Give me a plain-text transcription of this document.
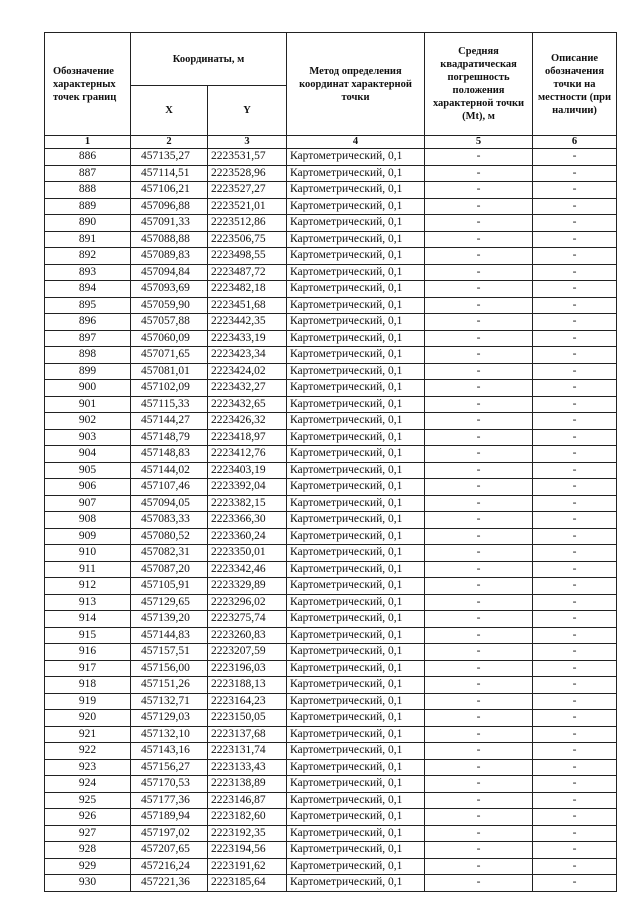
Обозначение характерных точек границ	Координаты, м		Метод определения координат характерной точки	Средняя квадратическая погрешность положения характерной точки (Mt), м	Описание обозначения точки на местности (при наличии)
	X	Y			
1	2	3	4	5	6
886	457135,27	2223531,57	Картометрический, 0,1	-	-
887	457114,51	2223528,96	Картометрический, 0,1	-	-
888	457106,21	2223527,27	Картометрический, 0,1	-	-
889	457096,88	2223521,01	Картометрический, 0,1	-	-
890	457091,33	2223512,86	Картометрический, 0,1	-	-
891	457088,88	2223506,75	Картометрический, 0,1	-	-
892	457089,83	2223498,55	Картометрический, 0,1	-	-
893	457094,84	2223487,72	Картометрический, 0,1	-	-
894	457093,69	2223482,18	Картометрический, 0,1	-	-
895	457059,90	2223451,68	Картометрический, 0,1	-	-
896	457057,88	2223442,35	Картометрический, 0,1	-	-
897	457060,09	2223433,19	Картометрический, 0,1	-	-
898	457071,65	2223423,34	Картометрический, 0,1	-	-
899	457081,01	2223424,02	Картометрический, 0,1	-	-
900	457102,09	2223432,27	Картометрический, 0,1	-	-
901	457115,33	2223432,65	Картометрический, 0,1	-	-
902	457144,27	2223426,32	Картометрический, 0,1	-	-
903	457148,79	2223418,97	Картометрический, 0,1	-	-
904	457148,83	2223412,76	Картометрический, 0,1	-	-
905	457144,02	2223403,19	Картометрический, 0,1	-	-
906	457107,46	2223392,04	Картометрический, 0,1	-	-
907	457094,05	2223382,15	Картометрический, 0,1	-	-
908	457083,33	2223366,30	Картометрический, 0,1	-	-
909	457080,52	2223360,24	Картометрический, 0,1	-	-
910	457082,31	2223350,01	Картометрический, 0,1	-	-
911	457087,20	2223342,46	Картометрический, 0,1	-	-
912	457105,91	2223329,89	Картометрический, 0,1	-	-
913	457129,65	2223296,02	Картометрический, 0,1	-	-
914	457139,20	2223275,74	Картометрический, 0,1	-	-
915	457144,83	2223260,83	Картометрический, 0,1	-	-
916	457157,51	2223207,59	Картометрический, 0,1	-	-
917	457156,00	2223196,03	Картометрический, 0,1	-	-
918	457151,26	2223188,13	Картометрический, 0,1	-	-
919	457132,71	2223164,23	Картометрический, 0,1	-	-
920	457129,03	2223150,05	Картометрический, 0,1	-	-
921	457132,10	2223137,68	Картометрический, 0,1	-	-
922	457143,16	2223131,74	Картометрический, 0,1	-	-
923	457156,27	2223133,43	Картометрический, 0,1	-	-
924	457170,53	2223138,89	Картометрический, 0,1	-	-
925	457177,36	2223146,87	Картометрический, 0,1	-	-
926	457189,94	2223182,60	Картометрический, 0,1	-	-
927	457197,02	2223192,35	Картометрический, 0,1	-	-
928	457207,65	2223194,56	Картометрический, 0,1	-	-
929	457216,24	2223191,62	Картометрический, 0,1	-	-
930	457221,36	2223185,64	Картометрический, 0,1	-	-
